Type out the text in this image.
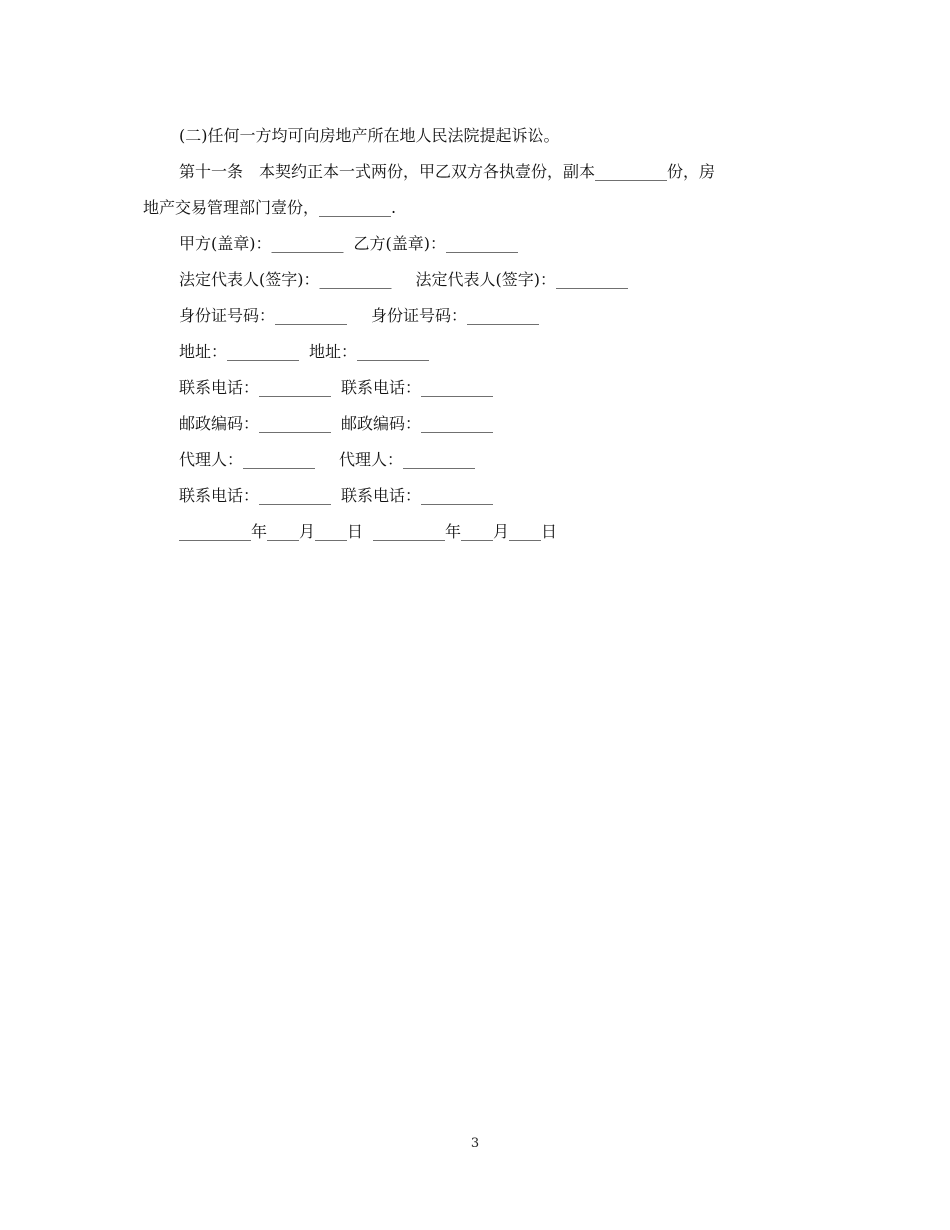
(二)任何一方均可向房地产所在地人民法院提起诉讼。
第十一条　本契约正本一式两份，甲乙双方各执壹份，副本_________份，房
地产交易管理部门壹份，_________.
甲方(盖章)：_________ 乙方(盖章)：_________
法定代表人(签字)：_________ 法定代表人(签字)：_________
身份证号码：_________ 身份证号码：_________
地址：_________ 地址：_________
联系电话：_________ 联系电话：_________
邮政编码：_________ 邮政编码：_________
代理人：_________ 代理人：_________
联系电话：_________ 联系电话：_________
_________年____月____日 _________年____月____日
3
